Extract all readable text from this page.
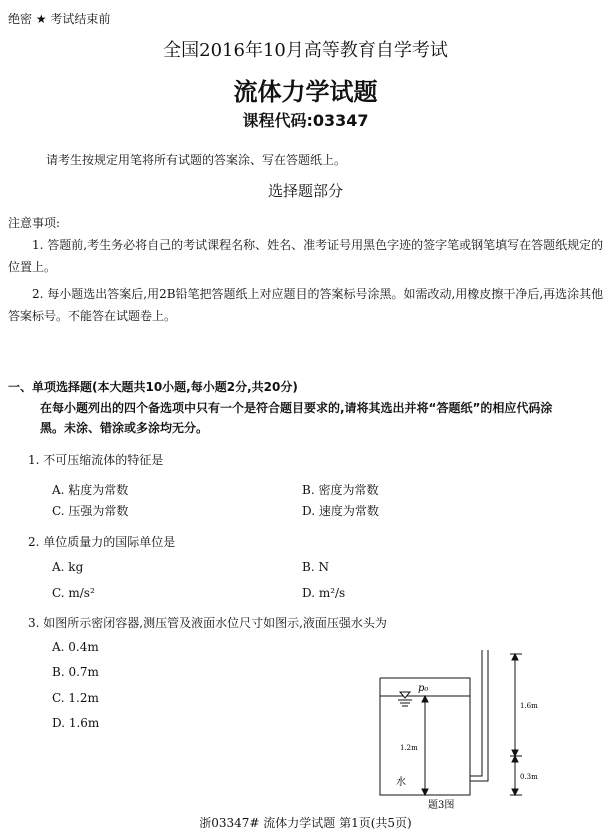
绝密 ★ 考试结束前
全国2016年10月高等教育自学考试
流体力学试题
课程代码:03347
请考生按规定用笔将所有试题的答案涂、写在答题纸上。
选择题部分
注意事项:
1. 答题前,考生务必将自己的考试课程名称、姓名、准考证号用黑色字迹的签字笔或钢笔填写在答题纸规定的位置上。
2. 每小题选出答案后,用2B铅笔把答题纸上对应题目的答案标号涂黑。如需改动,用橡皮擦干净后,再选涂其他答案标号。不能答在试题卷上。
一、单项选择题(本大题共10小题,每小题2分,共20分)
在每小题列出的四个备选项中只有一个是符合题目要求的,请将其选出并将“答题纸”的相应代码涂黑。未涂、错涂或多涂均无分。
1. 不可压缩流体的特征是
A. 粘度为常数	B. 密度为常数
C. 压强为常数	D. 速度为常数
2. 单位质量力的国际单位是
A. kg	B. N
C. m/s²	D. m²/s
3. 如图所示密闭容器,测压管及液面水位尺寸如图示,液面压强水头为
A. 0.4m
B. 0.7m
C. 1.2m
D. 1.6m
p₀
1.6m
1.2m
0.3m
水
题3图
浙03347# 流体力学试题 第1页(共5页)
